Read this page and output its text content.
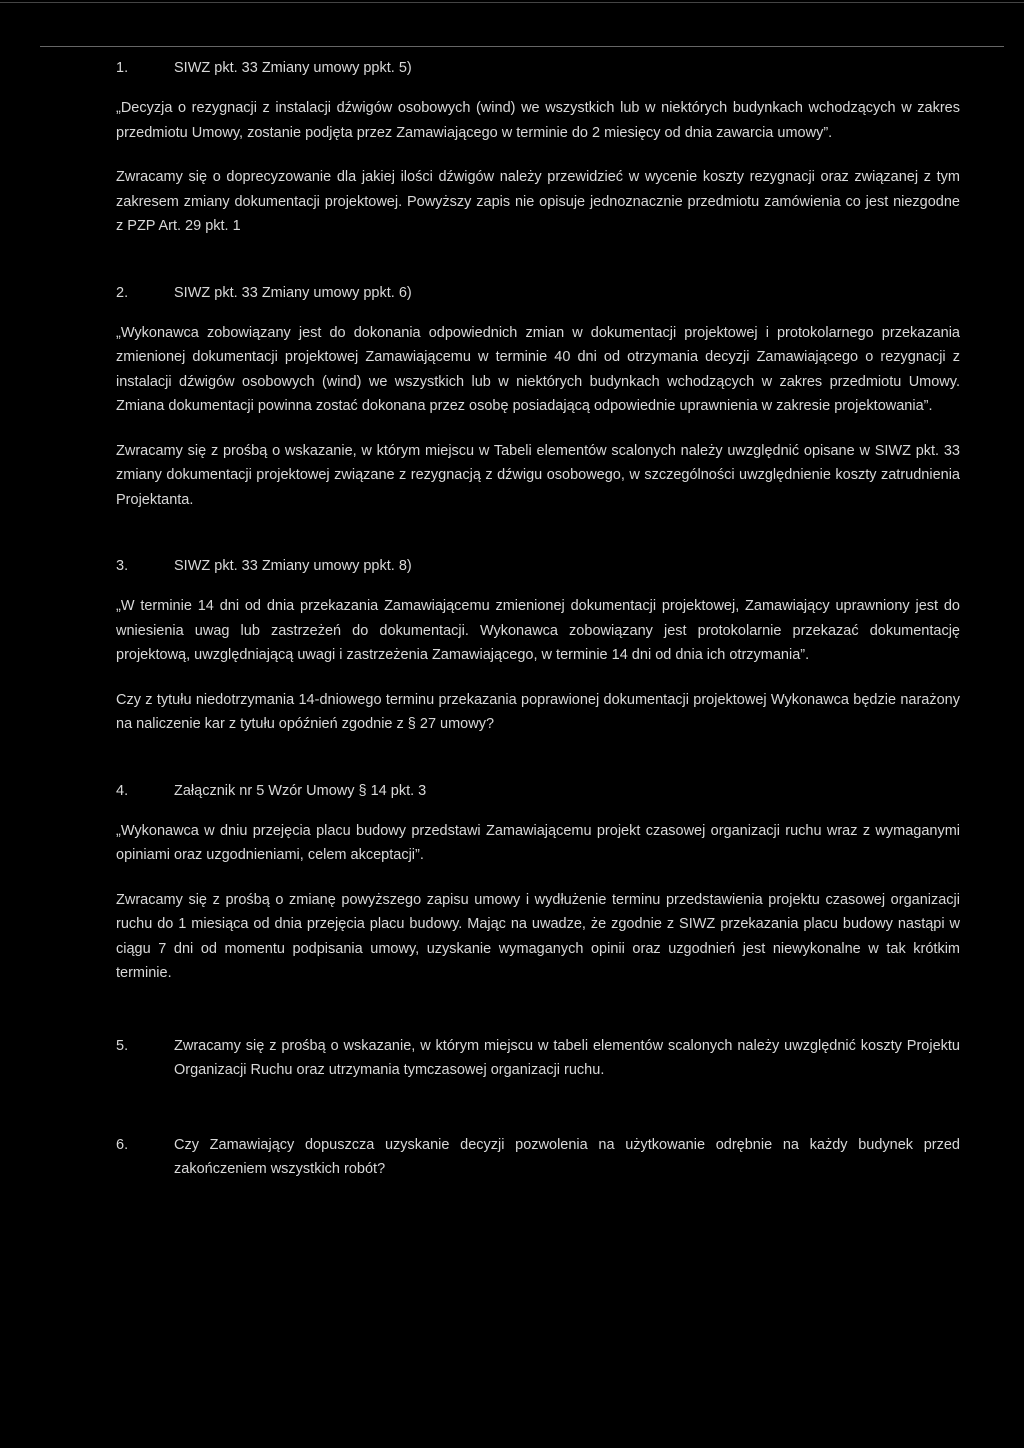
1.	SIWZ pkt. 33 Zmiany umowy ppkt. 5)

„Decyzja o rezygnacji z instalacji dźwigów osobowych (wind) we wszystkich lub w niektórych budynkach wchodzących w zakres przedmiotu Umowy, zostanie podjęta przez Zamawiającego w terminie do 2 miesięcy od dnia zawarcia umowy”.

Zwracamy się o doprecyzowanie dla jakiej ilości dźwigów należy przewidzieć w wycenie koszty rezygnacji oraz związanej z tym zakresem zmiany dokumentacji projektowej. Powyższy zapis nie opisuje jednoznacznie przedmiotu zamówienia co jest niezgodne z PZP Art. 29 pkt. 1

2.	SIWZ pkt. 33 Zmiany umowy ppkt. 6)

„Wykonawca zobowiązany jest do dokonania odpowiednich zmian w dokumentacji projektowej i protokolarnego przekazania zmienionej dokumentacji projektowej Zamawiającemu w terminie 40 dni od otrzymania decyzji Zamawiającego o rezygnacji z instalacji dźwigów osobowych (wind) we wszystkich lub w niektórych budynkach wchodzących w zakres przedmiotu Umowy. Zmiana dokumentacji powinna zostać dokonana przez osobę posiadającą odpowiednie uprawnienia w zakresie projektowania”.

Zwracamy się z prośbą o wskazanie, w którym miejscu w Tabeli elementów scalonych należy uwzględnić opisane w SIWZ pkt. 33 zmiany dokumentacji projektowej związane z rezygnacją z dźwigu osobowego, w szczególności uwzględnienie koszty zatrudnienia Projektanta.

3.	SIWZ pkt. 33 Zmiany umowy ppkt. 8)

„W terminie 14 dni od dnia przekazania Zamawiającemu zmienionej dokumentacji projektowej, Zamawiający uprawniony jest do wniesienia uwag lub zastrzeżeń do dokumentacji. Wykonawca zobowiązany jest protokolarnie przekazać dokumentację projektową, uwzględniającą uwagi i zastrzeżenia Zamawiającego, w terminie 14 dni od dnia ich otrzymania”.

Czy z tytułu niedotrzymania 14-dniowego terminu przekazania poprawionej dokumentacji projektowej Wykonawca będzie narażony na naliczenie kar z tytułu opóźnień zgodnie z § 27 umowy?

4.	Załącznik nr 5 Wzór Umowy § 14 pkt. 3

„Wykonawca w dniu przejęcia placu budowy przedstawi Zamawiającemu projekt czasowej organizacji ruchu wraz z wymaganymi opiniami oraz uzgodnieniami, celem akceptacji”.

Zwracamy się z prośbą o zmianę powyższego zapisu umowy i wydłużenie terminu przedstawienia projektu czasowej organizacji ruchu do 1 miesiąca od dnia przejęcia placu budowy. Mając na uwadze, że zgodnie z SIWZ przekazania placu budowy nastąpi w ciągu 7 dni od momentu podpisania umowy, uzyskanie wymaganych opinii oraz uzgodnień jest niewykonalne w tak krótkim terminie.

5.	Zwracamy się z prośbą o wskazanie, w którym miejscu w tabeli elementów scalonych należy uwzględnić koszty Projektu Organizacji Ruchu oraz utrzymania tymczasowej organizacji ruchu.

6.	Czy Zamawiający dopuszcza uzyskanie decyzji pozwolenia na użytkowanie odrębnie na każdy budynek przed zakończeniem wszystkich robót?
